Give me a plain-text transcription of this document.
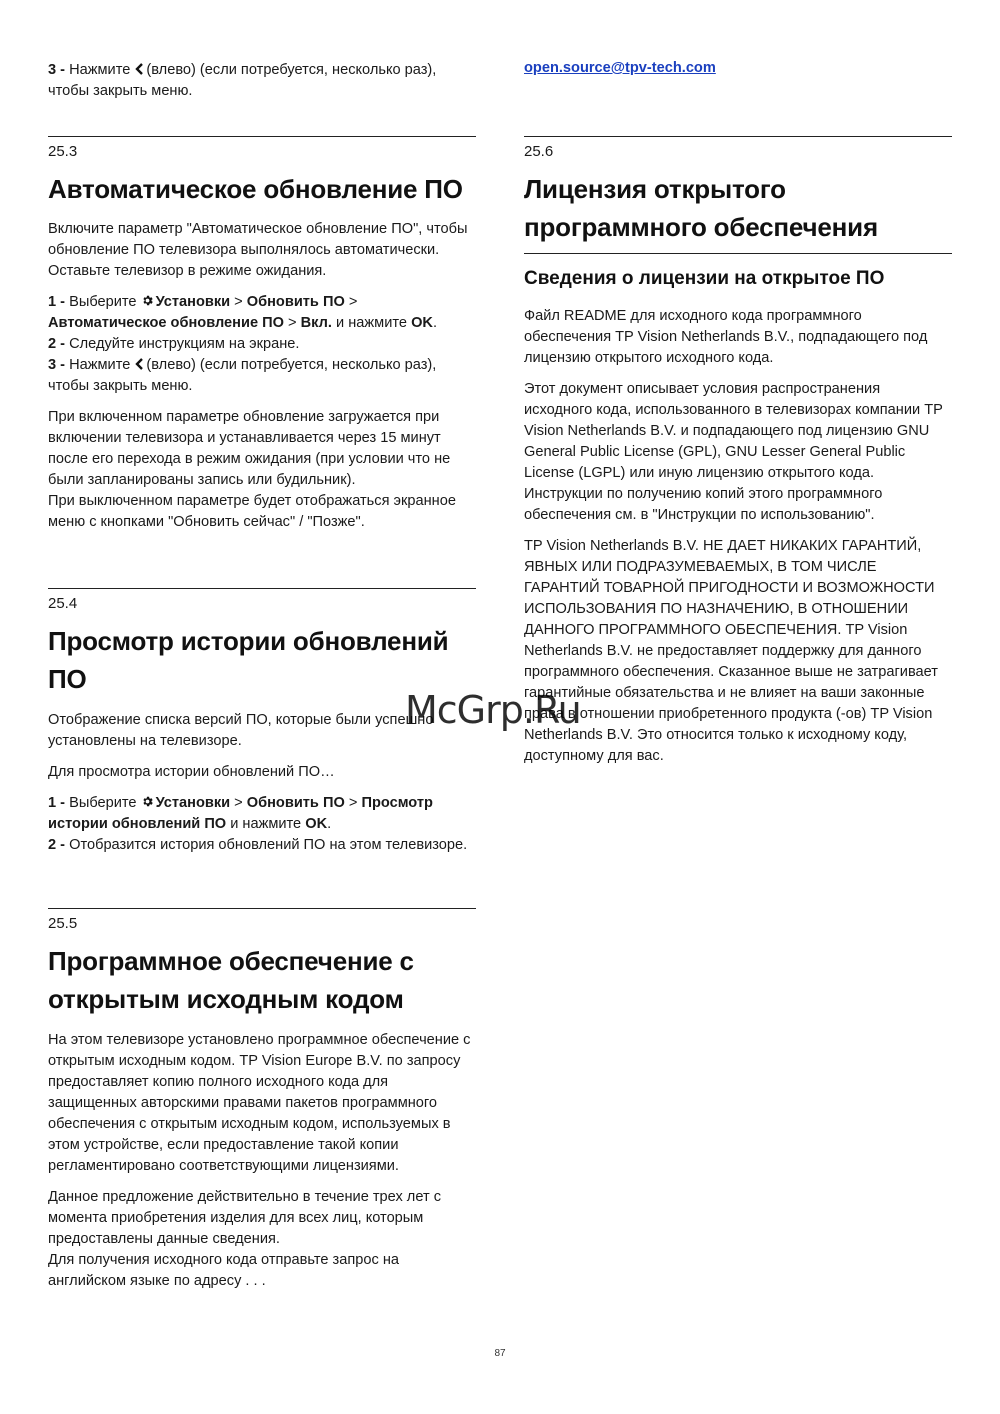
3 - Нажмите (влево) (если потребуется, несколько раз), чтобы закрыть меню.

25.3
Автоматическое обновление ПО

Включите параметр "Автоматическое обновление ПО", чтобы обновление ПО телевизора выполнялось автоматически. Оставьте телевизор в режиме ожидания.

1 - Выберите Установки > Обновить ПО > Автоматическое обновление ПО > Вкл. и нажмите OK.

2 - Следуйте инструкциям на экране.

3 - Нажмите (влево) (если потребуется, несколько раз), чтобы закрыть меню.

При включенном параметре обновление загружается при включении телевизора и устанавливается через 15 минут после его перехода в режим ожидания (при условии что не были запланированы запись или будильник).

При выключенном параметре будет отображаться экранное меню с кнопками "Обновить сейчас" / "Позже".

25.4
Просмотр истории обновлений ПО

Отображение списка версий ПО, которые были успешно установлены на телевизоре.

Для просмотра истории обновлений ПО…

1 - Выберите Установки > Обновить ПО > Просмотр истории обновлений ПО и нажмите OK.

2 - Отобразится история обновлений ПО на этом телевизоре.

25.5
Программное обеспечение с открытым исходным кодом

На этом телевизоре установлено программное обеспечение с открытым исходным кодом. TP Vision Europe B.V. по запросу предоставляет копию полного исходного кода для защищенных авторскими правами пакетов программного обеспечения с открытым исходным кодом, используемых в этом устройстве, если предоставление такой копии регламентировано соответствующими лицензиями.

Данное предложение действительно в течение трех лет с момента приобретения изделия для всех лиц, которым предоставлены данные сведения.

Для получения исходного кода отправьте запрос на английском языке по адресу . . .

open.source@tpv-tech.com
25.6
Лицензия открытого программного обеспечения
Сведения о лицензии на открытое ПО

Файл README для исходного кода программного обеспечения TP Vision Netherlands B.V., подпадающего под лицензию открытого исходного кода.

Этот документ описывает условия распространения исходного кода, использованного в телевизорах компании TP Vision Netherlands B.V. и подпадающего под лицензию GNU General Public License (GPL), GNU Lesser General Public License (LGPL) или иную лицензию открытого кода. Инструкции по получению копий этого программного обеспечения см. в "Инструкции по использованию".

TP Vision Netherlands B.V. НЕ ДАЕТ НИКАКИХ ГАРАНТИЙ, ЯВНЫХ ИЛИ ПОДРАЗУМЕВАЕМЫХ, В ТОМ ЧИСЛЕ ГАРАНТИЙ ТОВАРНОЙ ПРИГОДНОСТИ И ВОЗМОЖНОСТИ ИСПОЛЬЗОВАНИЯ ПО НАЗНАЧЕНИЮ, В ОТНОШЕНИИ ДАННОГО ПРОГРАММНОГО ОБЕСПЕЧЕНИЯ. TP Vision Netherlands B.V. не предоставляет поддержку для данного программного обеспечения. Сказанное выше не затрагивает гарантийные обязательства и не влияет на ваши законные права в отношении приобретенного продукта (-ов) TP Vision Netherlands B.V. Это относится только к исходному коду, доступному для вас.

McGrp.Ru
87
